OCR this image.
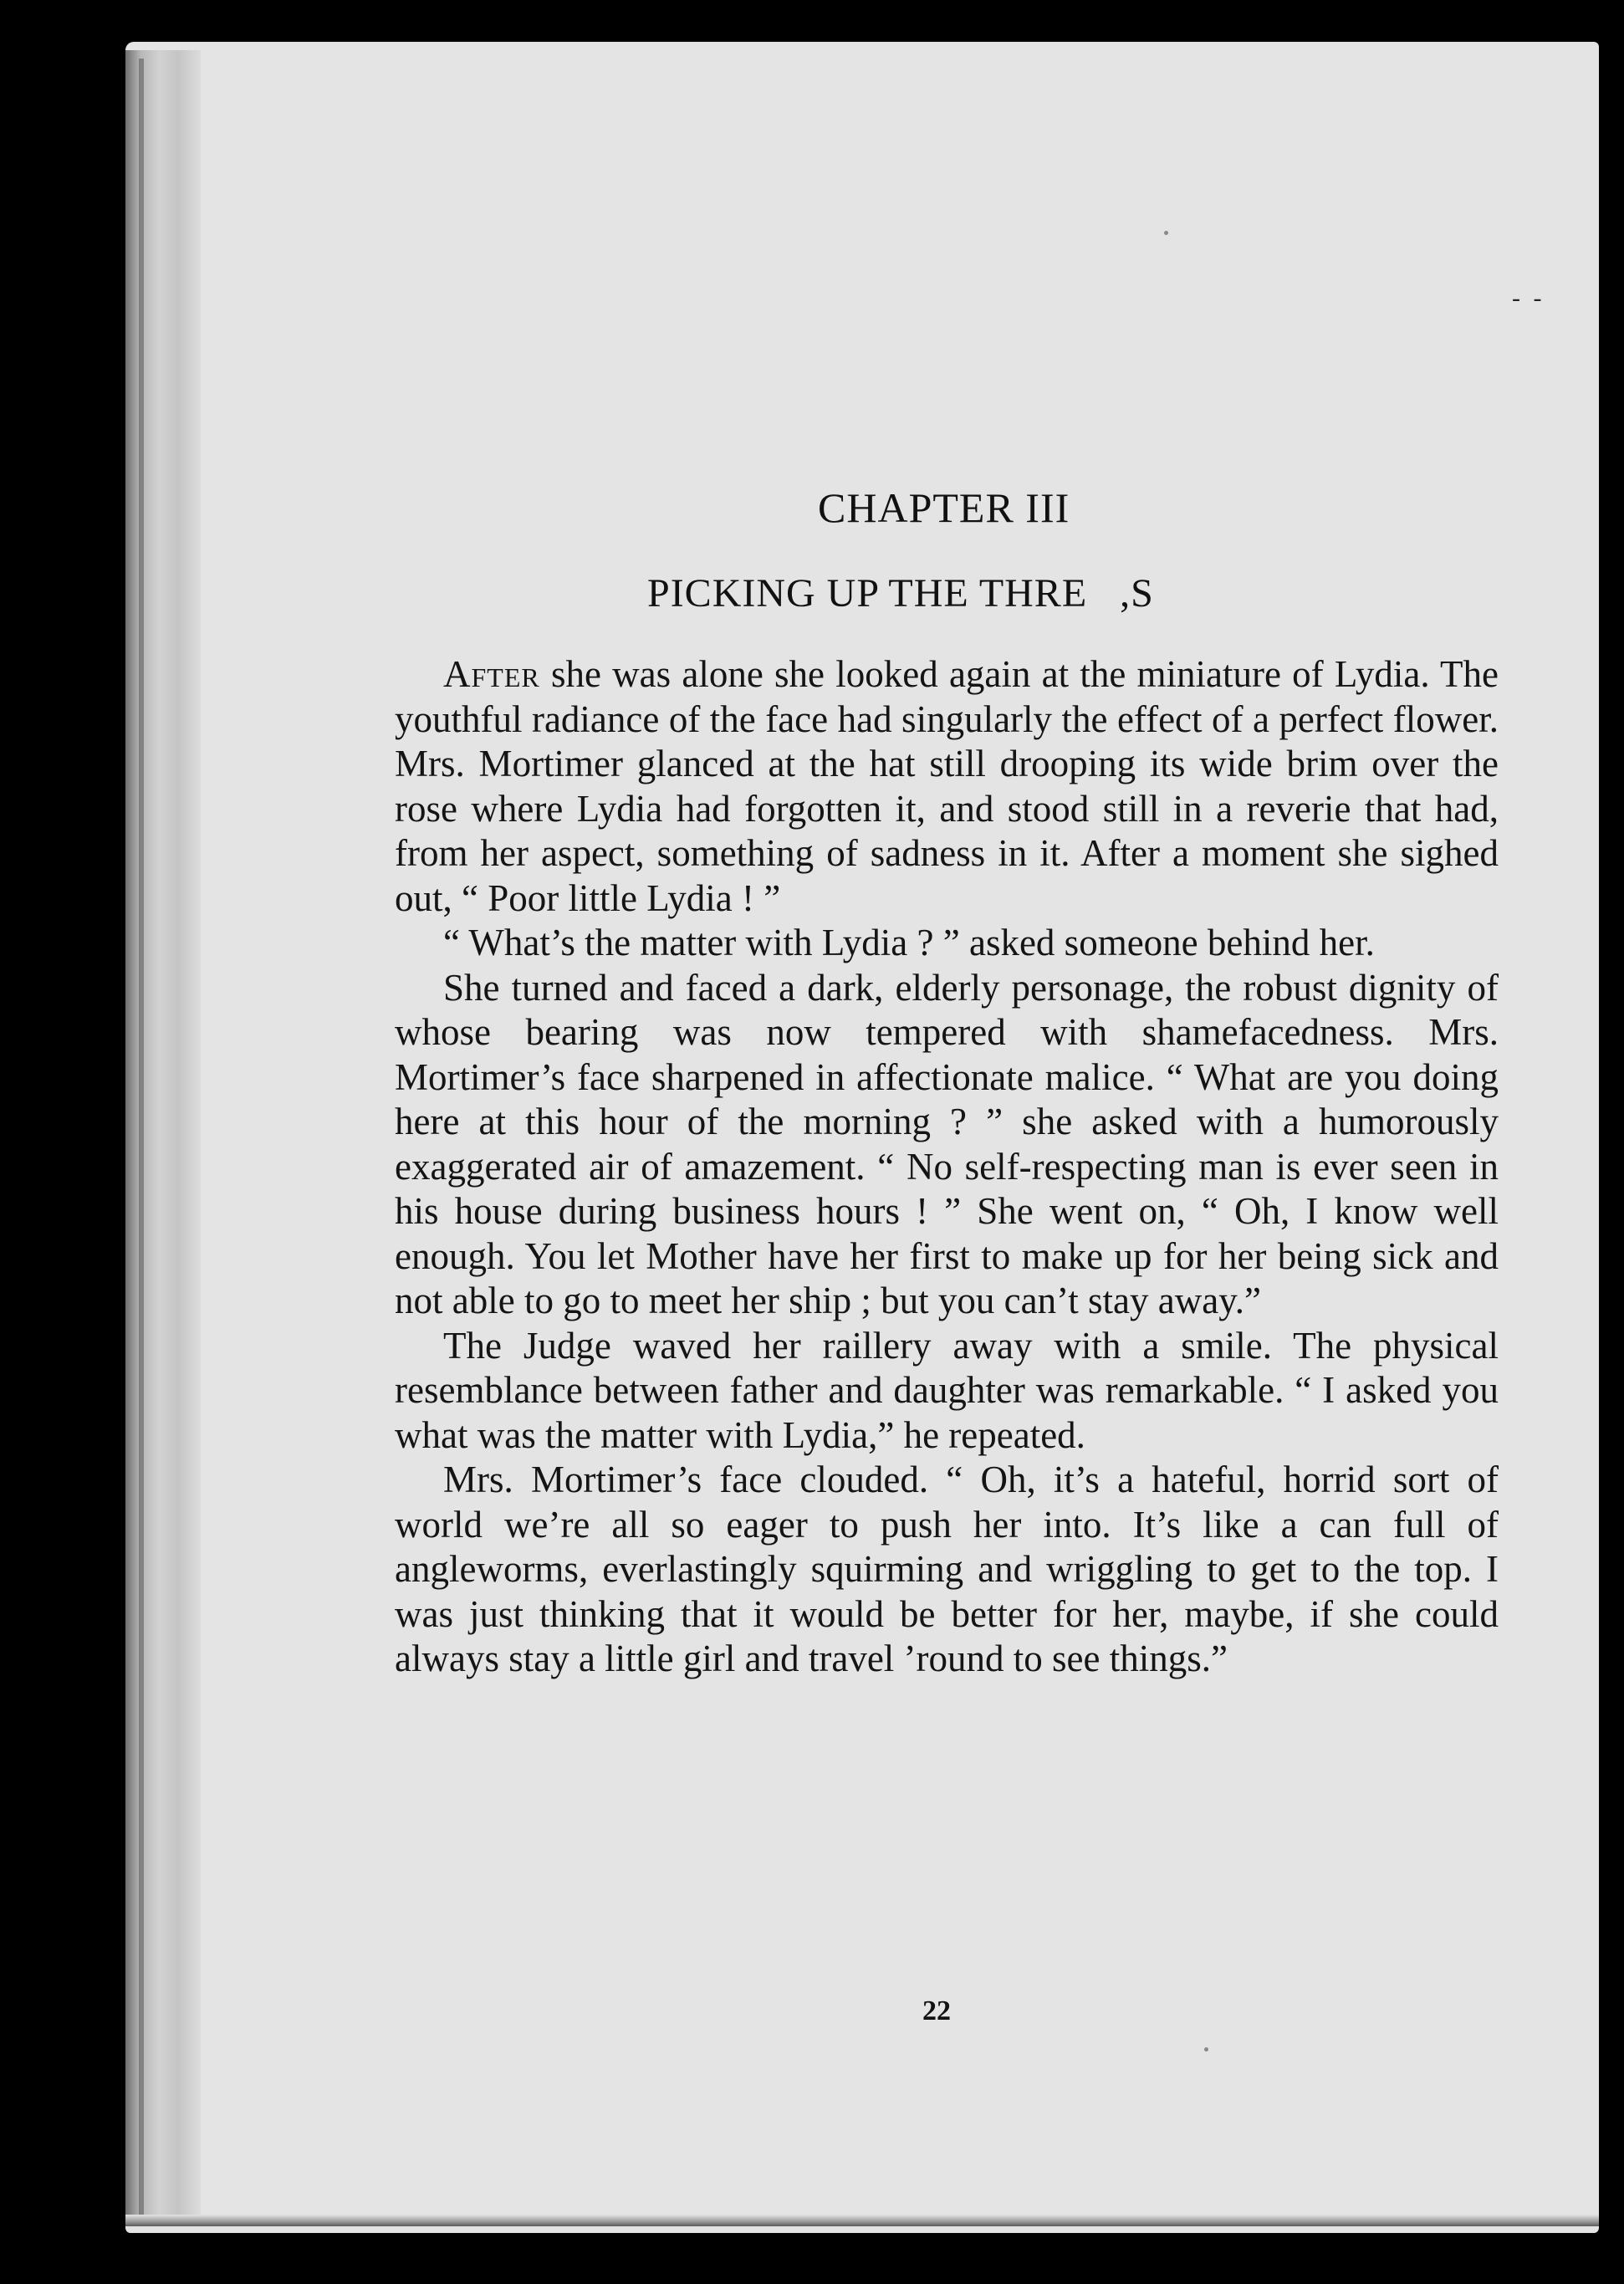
- -
CHAPTER III
PICKING UP THE THRE   ,S

After she was alone she looked again at the miniature of Lydia. The youthful radiance of the face had singularly the effect of a perfect flower. Mrs. Mortimer glanced at the hat still drooping its wide brim over the rose where Lydia had forgotten it, and stood still in a reverie that had, from her aspect, something of sadness in it. After a moment she sighed out, “ Poor little Lydia ! ”

“ What’s the matter with Lydia ? ” asked someone behind her.

She turned and faced a dark, elderly personage, the robust dignity of whose bearing was now tempered with shamefacedness. Mrs. Mortimer’s face sharpened in affectionate malice. “ What are you doing here at this hour of the morning ? ” she asked with a humorously exaggerated air of amazement. “ No self-respecting man is ever seen in his house during business hours ! ” She went on, “ Oh, I know well enough. You let Mother have her first to make up for her being sick and not able to go to meet her ship ; but you can’t stay away.”

The Judge waved her raillery away with a smile. The physical resemblance between father and daughter was remarkable. “ I asked you what was the matter with Lydia,” he repeated.

Mrs. Mortimer’s face clouded. “ Oh, it’s a hateful, horrid sort of world we’re all so eager to push her into. It’s like a can full of angleworms, everlastingly squirming and wriggling to get to the top. I was just thinking that it would be better for her, maybe, if she could always stay a little girl and travel ’round to see things.”

22
